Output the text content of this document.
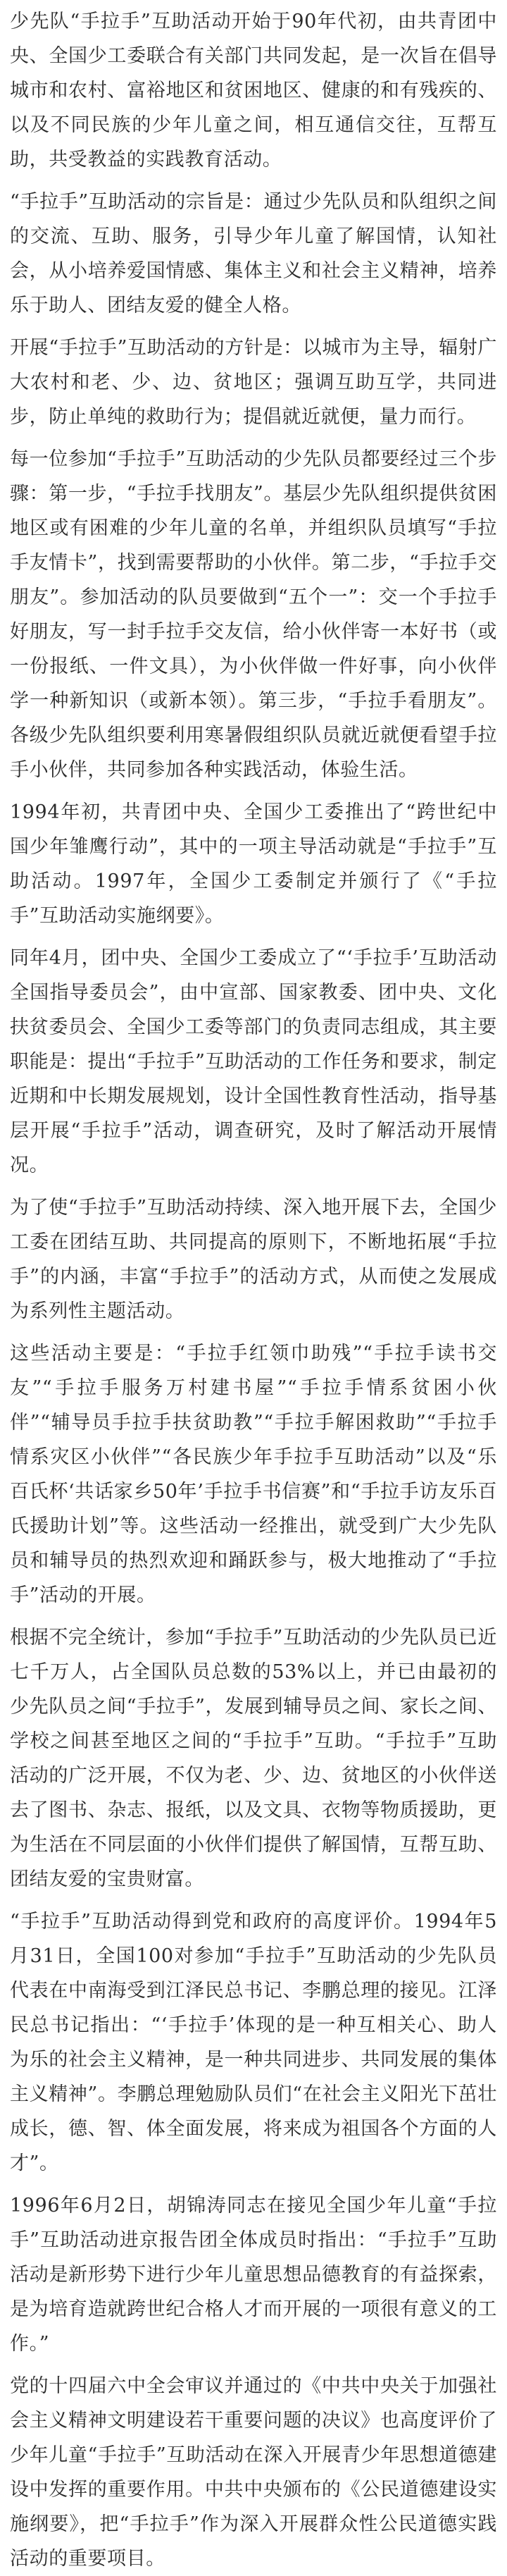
少先队“手拉手”互助活动开始于90年代初，由共青团中央、全国少工委联合有关部门共同发起，是一次旨在倡导城市和农村、富裕地区和贫困地区、健康的和有残疾的、以及不同民族的少年儿童之间，相互通信交往，互帮互助，共受教益的实践教育活动。

“手拉手”互助活动的宗旨是：通过少先队员和队组织之间的交流、互助、服务，引导少年儿童了解国情，认知社会，从小培养爱国情感、集体主义和社会主义精神，培养乐于助人、团结友爱的健全人格。

开展“手拉手”互助活动的方针是：以城市为主导，辐射广大农村和老、少、边、贫地区；强调互助互学，共同进步，防止单纯的救助行为；提倡就近就便，量力而行。

每一位参加“手拉手”互助活动的少先队员都要经过三个步骤：第一步，“手拉手找朋友”。基层少先队组织提供贫困地区或有困难的少年儿童的名单，并组织队员填写“手拉手友情卡”，找到需要帮助的小伙伴。第二步，“手拉手交朋友”。参加活动的队员要做到“五个一”：交一个手拉手好朋友，写一封手拉手交友信，给小伙伴寄一本好书（或一份报纸、一件文具），为小伙伴做一件好事，向小伙伴学一种新知识（或新本领）。第三步，“手拉手看朋友”。各级少先队组织要利用寒暑假组织队员就近就便看望手拉手小伙伴，共同参加各种实践活动，体验生活。

1994年初，共青团中央、全国少工委推出了“跨世纪中国少年雏鹰行动”，其中的一项主导活动就是“手拉手”互助活动。1997年，全国少工委制定并颁行了《“手拉手”互助活动实施纲要》。

同年4月，团中央、全国少工委成立了“‘手拉手’互助活动全国指导委员会”，由中宣部、国家教委、团中央、文化扶贫委员会、全国少工委等部门的负责同志组成，其主要职能是：提出“手拉手”互助活动的工作任务和要求，制定近期和中长期发展规划，设计全国性教育性活动，指导基层开展“手拉手”活动，调查研究，及时了解活动开展情况。

为了使“手拉手”互助活动持续、深入地开展下去，全国少工委在团结互助、共同提高的原则下，不断地拓展“手拉手”的内涵，丰富“手拉手”的活动方式，从而使之发展成为系列性主题活动。

这些活动主要是：“手拉手红领巾助残”“手拉手读书交友”“手拉手服务万村建书屋”“手拉手情系贫困小伙伴”“辅导员手拉手扶贫助教”“手拉手解困救助”“手拉手情系灾区小伙伴”“各民族少年手拉手互助活动”以及“乐百氏杯‘共话家乡50年’手拉手书信赛”和“手拉手访友乐百氏援助计划”等。这些活动一经推出，就受到广大少先队员和辅导员的热烈欢迎和踊跃参与，极大地推动了“手拉手”活动的开展。

根据不完全统计，参加“手拉手”互助活动的少先队员已近七千万人，占全国队员总数的53%以上，并已由最初的少先队员之间“手拉手”，发展到辅导员之间、家长之间、学校之间甚至地区之间的“手拉手”互助。“手拉手”互助活动的广泛开展，不仅为老、少、边、贫地区的小伙伴送去了图书、杂志、报纸，以及文具、衣物等物质援助，更为生活在不同层面的小伙伴们提供了解国情，互帮互助、团结友爱的宝贵财富。

“手拉手”互助活动得到党和政府的高度评价。1994年5月31日，全国100对参加“手拉手”互助活动的少先队员代表在中南海受到江泽民总书记、李鹏总理的接见。江泽民总书记指出：“‘手拉手’体现的是一种互相关心、助人为乐的社会主义精神，是一种共同进步、共同发展的集体主义精神”。李鹏总理勉励队员们“在社会主义阳光下茁壮成长，德、智、体全面发展，将来成为祖国各个方面的人才”。

1996年6月2日，胡锦涛同志在接见全国少年儿童“手拉手”互助活动进京报告团全体成员时指出：“手拉手”互助活动是新形势下进行少年儿童思想品德教育的有益探索，是为培育造就跨世纪合格人才而开展的一项很有意义的工作。”

党的十四届六中全会审议并通过的《中共中央关于加强社会主义精神文明建设若干重要问题的决议》也高度评价了少年儿童“手拉手”互助活动在深入开展青少年思想道德建设中发挥的重要作用。中共中央颁布的《公民道德建设实施纲要》，把“手拉手”作为深入开展群众性公民道德实践活动的重要项目。
